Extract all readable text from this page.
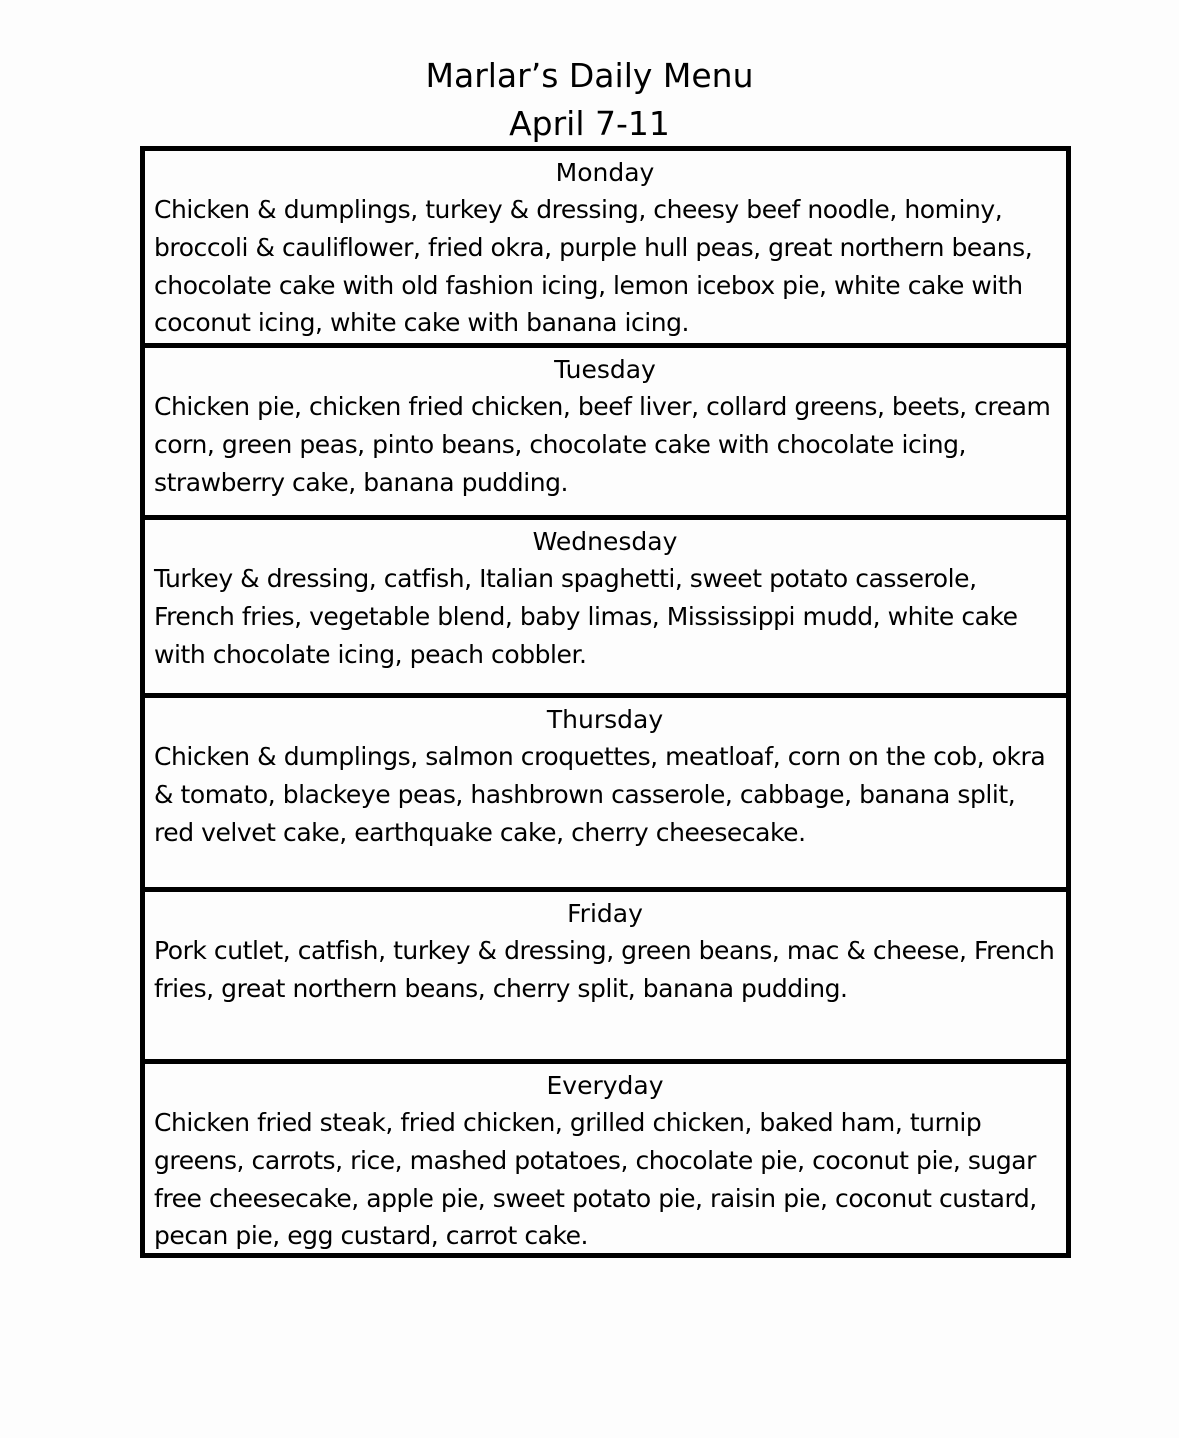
Marlar’s Daily Menu
April 7-11
Monday
Chicken & dumplings, turkey & dressing, cheesy beef noodle, hominy, broccoli & cauliflower, fried okra, purple hull peas, great northern beans, chocolate cake with old fashion icing, lemon icebox pie, white cake with coconut icing, white cake with banana icing.
Tuesday
Chicken pie, chicken fried chicken, beef liver, collard greens, beets, cream corn, green peas, pinto beans, chocolate cake with chocolate icing, strawberry cake, banana pudding.
Wednesday
Turkey & dressing, catfish, Italian spaghetti, sweet potato casserole, French fries, vegetable blend, baby limas, Mississippi mudd, white cake with chocolate icing, peach cobbler.
Thursday
Chicken & dumplings, salmon croquettes, meatloaf, corn on the cob, okra & tomato, blackeye peas, hashbrown casserole, cabbage, banana split, red velvet cake, earthquake cake, cherry cheesecake.
Friday
Pork cutlet, catfish, turkey & dressing, green beans, mac & cheese, French fries, great northern beans, cherry split, banana pudding.
Everyday
Chicken fried steak, fried chicken, grilled chicken, baked ham, turnip greens, carrots, rice, mashed potatoes, chocolate pie, coconut pie, sugar free cheesecake, apple pie, sweet potato pie, raisin pie, coconut custard, pecan pie, egg custard, carrot cake.
